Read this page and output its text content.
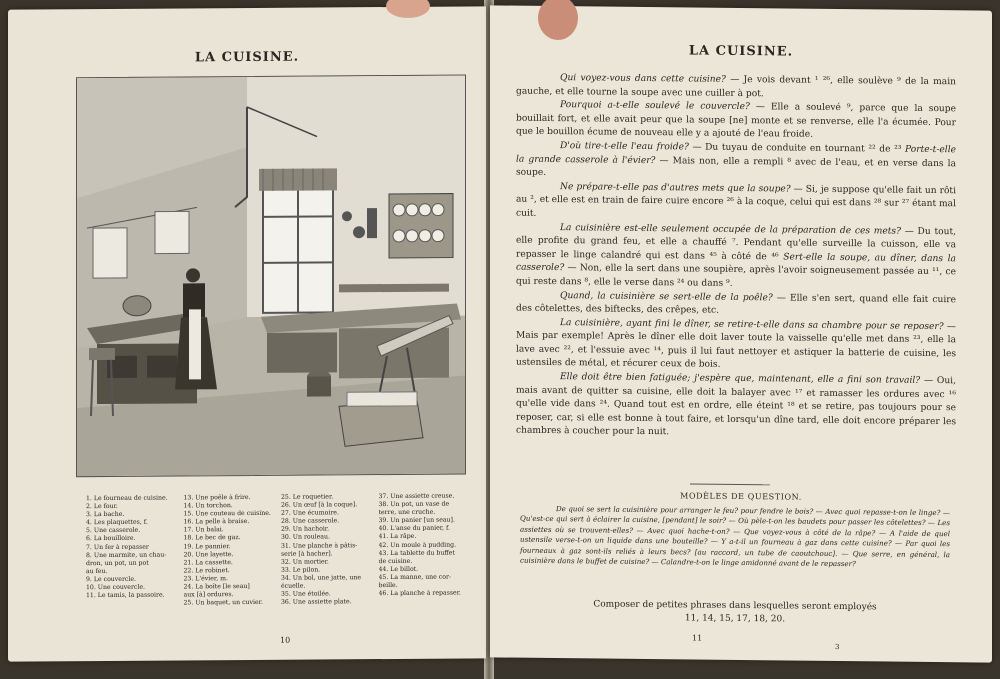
LA CUISINE.
1. Le fourneau de cuisine.
2. Le four.
3. La bache.
4. Les plaquettes, f.
5. Une casserole.
6. La bouilloire.
7. Un fer à repasser
8. Une marmite, un chau-
dron, un pot, un pot
au feu.
9. Le couvercle.
10. Une couvercle.
11. Le tamis, la passoire.
13. Une poêle à frire.
14. Un torchon.
15. Une couteau de cuisine.
16. La pelle à braise.
17. Un balai.
18. Le bec de gaz.
19. Le pannier.
20. Une layette.
21. La cassette.
22. Le robinet.
23. L'évier, m.
24. La boîte [le seau]
aux [à] ordures.
25. Un baquet, un cuvier.
25. Le roquetier.
26. Un œuf [à la coque].
27. Une écumoire.
28. Une casserole.
29. Un hachoir.
30. Un rouleau.
31. Une planche à pâtis-
serie [à hacher].
32. Un mortier.
33. Le pilon.
34. Un bol, une jatte, une
écuelle.
35. Une étoilée.
36. Une assiette plate.
37. Une assiette creuse.
38. Un pot, un vase de
terre, une cruche.
39. Un panier [un seau].
40. L'anse du panier, f.
41. La râpe.
42. Un moule à pudding.
43. La tablette du buffet
de cuisine.
44. Le billot.
45. La manne, une cor-
beille.
46. La planche à repasser.
10
LA CUISINE.

Qui voyez-vous dans cette cuisine? — Je vois devant ¹ ²⁶, elle soulève ⁹ de la main gauche, et elle tourne la soupe avec une cuiller à pot.

Pourquoi a-t-elle soulevé le couvercle? — Elle a soulevé ⁹, parce que la soupe bouillait fort, et elle avait peur que la soupe [ne] monte et se renverse, elle l'a écumée. Pour que le bouillon écume de nouveau elle y a ajouté de l'eau froide.

D'où tire-t-elle l'eau froide? — Du tuyau de conduite en tournant ²² de ²³ Porte-t-elle la grande casserole à l'évier? — Mais non, elle a rempli ⁸ avec de l'eau, et en verse dans la soupe.

Ne prépare-t-elle pas d'autres mets que la soupe? — Si, je suppose qu'elle fait un rôti au ², et elle est en train de faire cuire encore ²⁶ à la coque, celui qui est dans ²⁸ sur ²⁷ étant mal cuit.

La cuisinière est-elle seulement occupée de la préparation de ces mets? — Du tout, elle profite du grand feu, et elle a chauffé ⁷. Pendant qu'elle surveille la cuisson, elle va repasser le linge calandré qui est dans ⁴⁵ à côté de ⁴⁶ Sert-elle la soupe, au dîner, dans la casserole? — Non, elle la sert dans une soupière, après l'avoir soigneusement passée au ¹¹, ce qui reste dans ⁸, elle le verse dans ²⁴ ou dans ⁹.

Quand, la cuisinière se sert-elle de la poêle? — Elle s'en sert, quand elle fait cuire des côtelettes, des biftecks, des crêpes, etc.

La cuisinière, ayant fini le dîner, se retire-t-elle dans sa chambre pour se reposer? — Mais par exemple! Après le dîner elle doit laver toute la vaisselle qu'elle met dans ²³, elle la lave avec ²², et l'essuie avec ¹⁴, puis il lui faut nettoyer et astiquer la batterie de cuisine, les ustensiles de métal, et récurer ceux de bois.

Elle doit être bien fatiguée; j'espère que, maintenant, elle a fini son travail? — Oui, mais avant de quitter sa cuisine, elle doit la balayer avec ¹⁷ et ramasser les ordures avec ¹⁶ qu'elle vide dans ²⁴. Quand tout est en ordre, elle éteint ¹⁸ et se retire, pas toujours pour se reposer, car, si elle est bonne à tout faire, et lorsqu'un dîne tard, elle doit encore préparer les chambres à coucher pour la nuit.

MODÈLES DE QUESTION.

De quoi se sert la cuisinière pour arranger le feu? pour fendre le bois? — Avec quoi repasse-t-on le linge? — Qu'est-ce qui sert à éclairer la cuisine, [pendant] le soir? — Où pèle-t-on les baudets pour passer les côtelettes? — Les assiettes où se trouvent-elles? — Avec quoi hache-t-on? — Que voyez-vous à côté de la râpe? — A l'aide de quel ustensile verse-t-on un liquide dans une bouteille? — Y a-t-il un fourneau à gaz dans cette cuisine? — Par quoi les fourneaux à gaz sont-ils reliés à leurs becs? [au raccord, un tube de caoutchouc]. — Que serre, en général, la cuisinière dans le buffet de cuisine? — Calandre-t-on le linge amidonné avant de le repasser?

Composer de petites phrases dans lesquelles seront employés
11, 14, 15, 17, 18, 20.
11
3
